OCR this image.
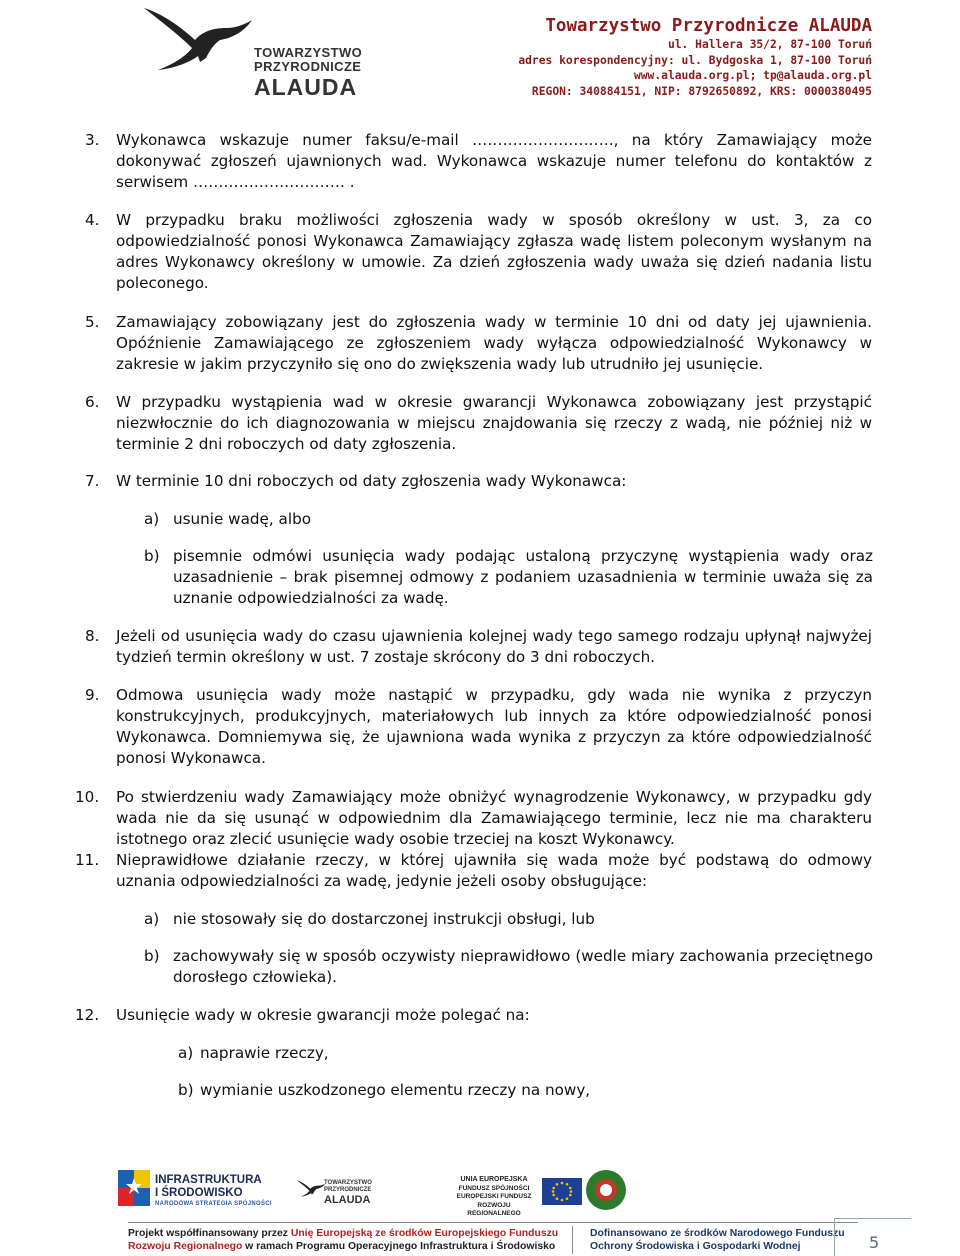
TOWARZYSTWO
PRZYRODNICZE
ALAUDA
Towarzystwo Przyrodnicze ALAUDA
ul. Hallera 35/2, 87-100 Toruń
adres korespondencyjny: ul. Bydgoska 1, 87-100 Toruń
www.alauda.org.pl; tp@alauda.org.pl
REGON: 340884151, NIP: 8792650892, KRS: 0000380495
3. Wykonawca wskazuje numer faksu/e-mail ………………………., na który Zamawiający może dokonywać zgłoszeń ujawnionych wad. Wykonawca wskazuje numer telefonu do kontaktów z serwisem ………………………… .
4. W przypadku braku możliwości zgłoszenia wady w sposób określony w ust. 3, za co odpowiedzialność ponosi Wykonawca Zamawiający zgłasza wadę listem poleconym wysłanym na adres Wykonawcy określony w umowie. Za dzień zgłoszenia wady uważa się dzień nadania listu poleconego.
5. Zamawiający zobowiązany jest do zgłoszenia wady w terminie 10 dni od daty jej ujawnienia. Opóźnienie Zamawiającego ze zgłoszeniem wady wyłącza odpowiedzialność Wykonawcy w zakresie w jakim przyczyniło się ono do zwiększenia wady lub utrudniło jej usunięcie.
6. W przypadku wystąpienia wad w okresie gwarancji Wykonawca zobowiązany jest przystąpić niezwłocznie do ich diagnozowania w miejscu znajdowania się rzeczy z wadą, nie później niż w terminie 2 dni roboczych od daty zgłoszenia.
7. W terminie 10 dni roboczych od daty zgłoszenia wady Wykonawca:
a) usunie wadę, albo
b) pisemnie odmówi usunięcia wady podając ustaloną przyczynę wystąpienia wady oraz uzasadnienie – brak pisemnej odmowy z podaniem uzasadnienia w terminie uważa się za uznanie odpowiedzialności za wadę.
8. Jeżeli od usunięcia wady do czasu ujawnienia kolejnej wady tego samego rodzaju upłynął najwyżej tydzień termin określony w ust. 7 zostaje skrócony do 3 dni roboczych.
9. Odmowa usunięcia wady może nastąpić w przypadku, gdy wada nie wynika z przyczyn konstrukcyjnych, produkcyjnych, materiałowych lub innych za które odpowiedzialność ponosi Wykonawca. Domniemywa się, że ujawniona wada wynika z przyczyn za które odpowiedzialność ponosi Wykonawca.
10. Po stwierdzeniu wady Zamawiający może obniżyć wynagrodzenie Wykonawcy, w przypadku gdy wada nie da się usunąć w odpowiednim dla Zamawiającego terminie, lecz nie ma charakteru istotnego oraz zlecić usunięcie wady osobie trzeciej na koszt Wykonawcy.
11. Nieprawidłowe działanie rzeczy, w której ujawniła się wada może być podstawą do odmowy uznania odpowiedzialności za wadę, jedynie jeżeli osoby obsługujące:
a) nie stosowały się do dostarczonej instrukcji obsługi, lub
b) zachowywały się w sposób oczywisty nieprawidłowo (wedle miary zachowania przeciętnego dorosłego człowieka).
12. Usunięcie wady w okresie gwarancji może polegać na:
a) naprawie rzeczy,
b) wymianie uszkodzonego elementu rzeczy na nowy,
INFRASTRUKTURA
I ŚRODOWISKO
NARODOWA STRATEGIA SPÓJNOŚCI
TOWARZYSTWO
PRZYRODNICZE
ALAUDA
UNIA EUROPEJSKA
FUNDUSZ SPÓJNOŚCI
EUROPEJSKI FUNDUSZ
ROZWOJU REGIONALNEGO
Projekt współfinansowany przez Unię Europejską ze środków Europejskiego Funduszu
Rozwoju Regionalnego w ramach Programu Operacyjnego Infrastruktura i Środowisko
Dofinansowano ze środków Narodowego Funduszu
Ochrony Środowiska i Gospodarki Wodnej	5
